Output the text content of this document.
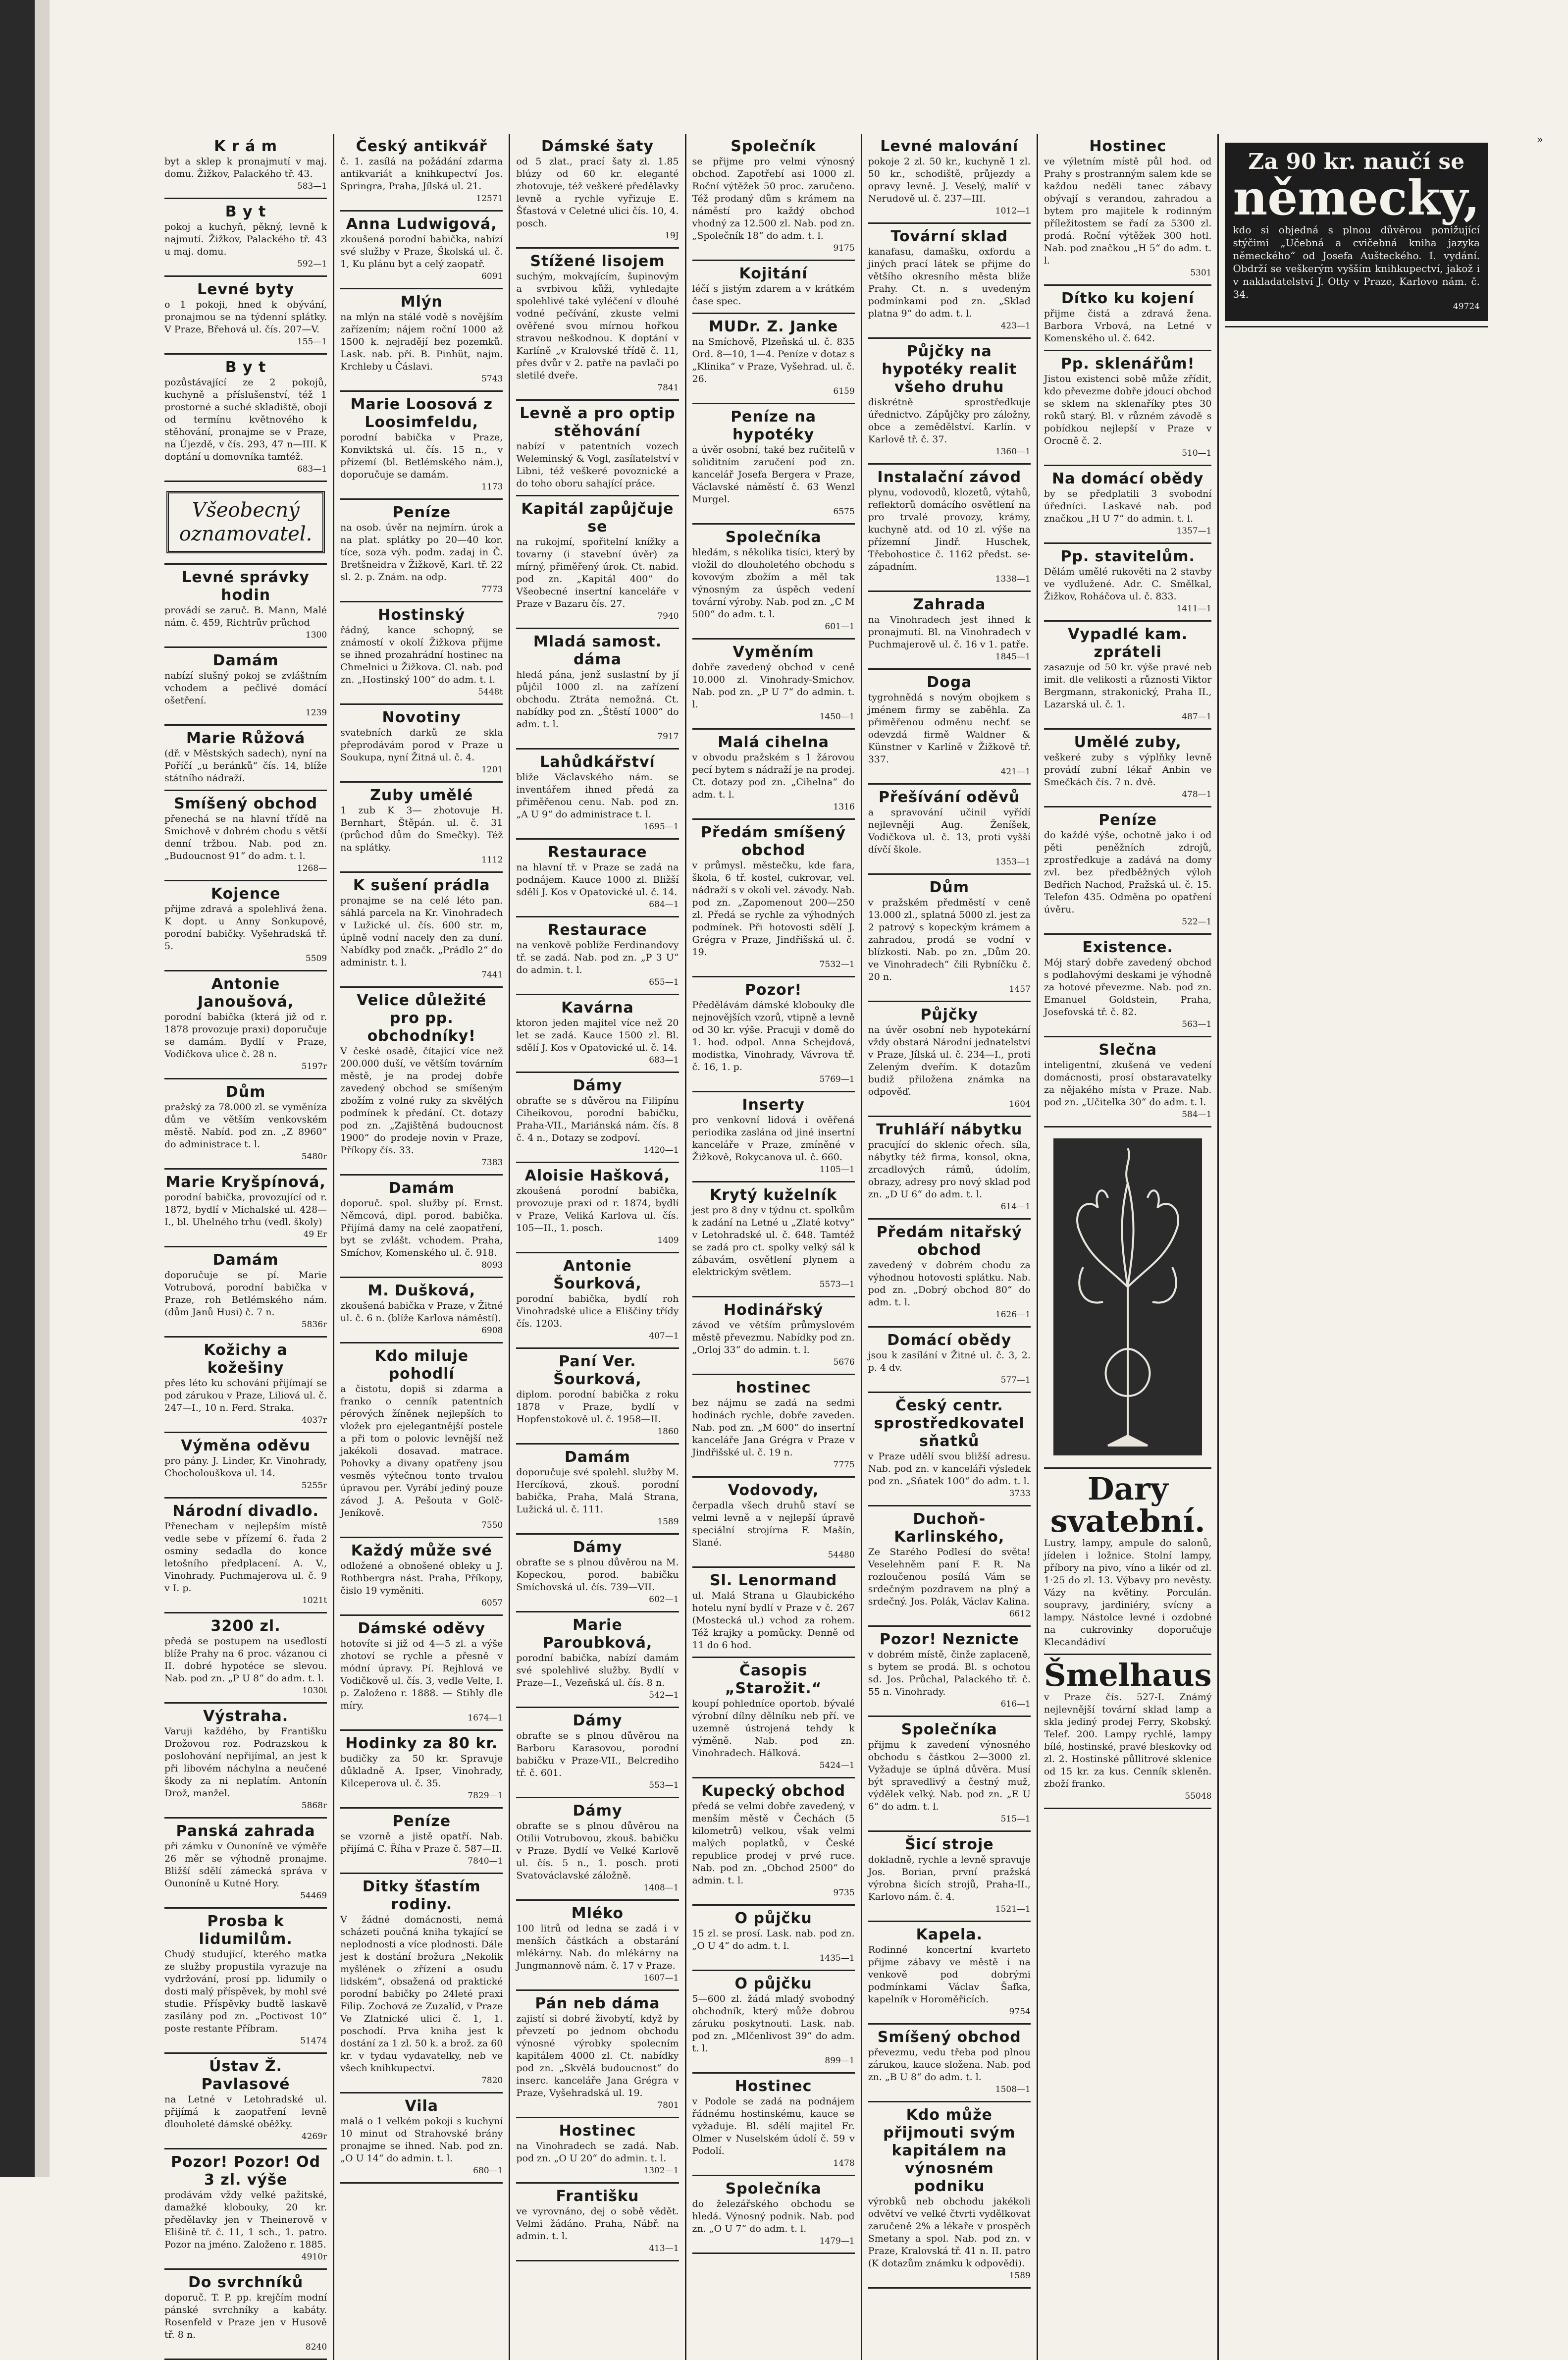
»
K r á m
byt a sklep k pronajmutí v maj. domu. Žižkov, Palackého tř. 43.
583—1
B y t
pokoj a kuchyň, pěkný, levně k najmutí. Žižkov, Palackého tř. 43 u maj. domu.
592—1
Levné byty
o 1 pokoji, hned k obývání, pronajmou se na týdenní splátky. V Praze, Břehová ul. čís. 207—V.
155—1
B y t
pozůstávající ze 2 pokojů, kuchyně a příslušenství, též 1 prostorné a suché skladiště, obojí od termínu květnového k stěhování, pronajme se v Praze, na Újezdě, v čís. 293, 47 n—III. K doptání u domovníka tamtéž.
683—1
Všeobecný oznamovatel.
Levné správky hodin
provádí se zaruč. B. Mann, Malé nám. č. 459, Richtrův průchod
1300
Damám
nabízí slušný pokoj se zvláštním vchodem a pečlivé domácí ošetření.
1239
Marie Růžová
(dř. v Městských sadech), nyní na Poříčí „u beránků“ čís. 14, blíže státního nádraží.
Smíšený obchod
přenechá se na hlavní třídě na Smíchově v dobrém chodu s větší denní tržbou. Nab. pod zn. „Budoucnost 91“ do adm. t. l.
1268—
Kojence
přijme zdravá a spolehlivá žena. K dopt. u Anny Sonkupové, porodní babičky. Vyšehradská tř. 5.
5509
Antonie Janoušová,
porodní babička (která již od r. 1878 provozuje praxi) doporučuje se damám. Bydlí v Praze, Vodičkova ulice č. 28 n.
5197r
Dům
pražský za 78.000 zl. se vyměníza dům ve větším venkovském městě. Nabíd. pod zn. „Z 8960“ do administrace t. l.
5480r
Marie Kryšpínová,
porodní babička, provozující od r. 1872, bydlí v Michalské ul. 428—I., bl. Uhelného trhu (vedl. školy)
49 Er
Damám
doporučuje se pí. Marie Votrubová, porodní babička v Praze, roh Betlémského nám. (dům Janů Husi) č. 7 n.
5836r
Kožichy a kožešiny
přes léto ku schování přijímají se pod zárukou v Praze, Liliová ul. č. 247—I., 10 n. Ferd. Straka.
4037r
Výměna oděvu
pro pány. J. Linder, Kr. Vinohrady, Chocholouškova ul. 14.
5255r
Národní divadlo.
Přenecham v nejlepším místě vedle sebe v přízemí 6. řada 2 osminy sedadla do konce letošního předplacení. A. V., Vinohrady. Puchmajerova ul. č. 9 v I. p.
1021t
3200 zl.
předá se postupem na usedlostí blíže Prahy na 6 proc. vázanou ci II. dobré hypotéce se slevou. Nab. pod zn. „P U 8“ do adm. t. l.
1030t
Výstraha.
Varuji každého, by Františku Drožovou roz. Podrazskou k poslohování nepřijímal, an jest k při libovém náchylna a neučené škody za ni neplatím. Antonín Drož, manžel.
5868r
Panská zahrada
při zámku v Ounoníně ve výměře 26 měr se výhodně pronajme. Bližší sdělí zámecká správa v Ounoníně u Kutné Hory.
54469
Prosba k lidumilům.
Chudý studující, kterého matka ze služby propustila vyrazuje na vydržování, prosí pp. lidumily o dosti malý příspěvek, by mohl své studie. Příspěvky budtě laskavě zasílány pod zn. „Poctivost 10“ poste restante Příbram.
51474
Ústav Ž. Pavlasové
na Letné v Letohradské ul. přijímá k zaopatření levně dlouholeté dámské oběžky.
4269r
Pozor! Pozor! Od 3 zl. výše
prodávám vždy velké pažitské, damažké klobouky, 20 kr. předělavky jen v Theinerově v Elišině tř. č. 11, 1 sch., 1. patro. Pozor na jméno. Založeno r. 1885.
4910r
Do svrchníků
doporuč. T. P. pp. krejčím modní pánské svrchníky a kabáty. Rosenfeld v Praze jen v Husově tř. 8 n.
8240
Český antikvář
č. 1. zasílá na požádání zdarma antikvariát a knihkupectví Jos. Springra, Praha, Jílská ul. 21.
12571
Anna Ludwigová,
zkoušená porodní babička, nabízí své služby v Praze, Školská ul. č. 1, Ku plánu byt a celý zaopatř.
6091
Mlýn
na mlýn na stálé vodě s novějším zařízením; nájem roční 1000 až 1500 k. nejradějí bez pozemků. Lask. nab. pří. B. Pinhüt, najm. Krchleby u Čáslavi.
5743
Marie Loosová z Loosimfeldu,
porodní babička v Praze, Konviktská ul. čís. 15 n., v přízemí (bl. Betlémského nám.), doporučuje se damám.
1173
Peníze
na osob. úvěr na nejmírn. úrok a na plat. splátky po 20—40 kor. tíce, soza výh. podm. zadaj in Č. Bretšneidra v Žižkově, Karl. tř. 22 sl. 2. p. Znám. na odp.
7773
Hostinský
řádný, kance schopný, se známostí v okolí Žižkova přijme se ihned prozahrádní hostinec na Chmelnici u Žižkova. Cl. nab. pod zn. „Hostinský 100“ do adm. t. l.
5448t
Novotiny
svatebních darků ze skla přeprodávám porod v Praze u Soukupa, nyní Žitná ul. č. 4.
1201
Zuby umělé
1 zub K 3— zhotovuje H. Bernhart, Štěpán. ul. č. 31 (průchod dům do Smečky). Též na splátky.
1112
K sušení prádla
pronajme se na celé léto pan. sáhlá parcela na Kr. Vinohradech v Lužické ul. čís. 600 str. m, úplně vodní nacely den za duní. Nabídky pod značk. „Prádlo 2“ do administr. t. l.
7441
Velice důležité pro pp. obchodníky!
V české osadě, čítající více než 200.000 duší, ve větším továrním městě, je na prodej dobře zavedený obchod se smíšeným zbožím z volné ruky za skvělých podmínek k předání. Ct. dotazy pod zn. „Zajištěná budoucnost 1900“ do prodeje novin v Praze, Příkopy čís. 33.
7383
Damám
doporuč. spol. služby pí. Ernst. Němcová, dipl. porod. babička. Přijímá damy na celé zaopatření, byt se zvlášt. vchodem. Praha, Smíchov, Komenského ul. č. 918.
8093
M. Dušková,
zkoušená babička v Praze, v Žitné ul. č. 6 n. (blíže Karlova náměstí).
6908
Kdo miluje pohodlí
a čistotu, dopiš si zdarma a franko o cenník patentních pérových žíněnek nejlepších to vložek pro ejelegantnější postele a při tom o polovic levnější než jakékoli dosavad. matrace. Pohovky a divany opatřeny jsou vesměs výtečnou tonto trvalou úpravou per. Vyrábí jediný pouze závod J. A. Pešouta v Golč-Jeníkově.
7550
Každý může své
odložené a obnošené obleky u J. Rothbergra nást. Praha, Příkopy, čislo 19 vyměniti.
6057
Dámské oděvy
hotovíte si již od 4—5 zl. a výše zhotoví se rychle a přesně v módní úpravy. Pí. Rejhlová ve Vodičkově ul. čís. 3, vedle Velte, I. p. Založeno r. 1888. — Stihly dle míry.
1674—1
Hodinky za 80 kr.
budičky za 50 kr. Spravuje důkladně A. Ipser, Vinohrady, Kilceperova ul. č. 35.
7829—1
Peníze
se vzorně a jistě opatří. Nab. přijímá C. Říha v Praze č. 587—II.
7840—1
Ditky šťastím rodiny.
V žádné domácnosti, nemá scházeti poučná kniha tykající se neplodnosti a více plodnosti. Dále jest k dostání brožura „Nekolik myšlének o zřízení a osudu lidském“, obsažená od praktické porodní babičky po 24leté praxi Filip. Zochová ze Zuzalíd, v Praze Ve Zlatnické ulici č. 1, 1. poschodí. Prva kniha jest k dostání za 1 zl. 50 k. a brož. za 60 kr. v tydau vydavatelky, neb ve všech knihkupectví.
7820
Vila
malá o 1 velkém pokoji s kuchyní 10 minut od Strahovské brány pronajme se ihned. Nab. pod zn. „O U 14“ do admin. t. l.
680—1
Dámské šaty
od 5 zlat., prací šaty zl. 1.85 blúzy od 60 kr. eleganté zhotovuje, též veškeré předělavky levně a rychle vyřizuje E. Šťastová v Celetné ulici čís. 10, 4. posch.
19J
Stížené lisojem
suchým, mokvajícím, šupinovým a svrbivou kůži, vyhledajte spolehlivé také vyléčení v dlouhé vodné pečívání, zkuste velmi ověřené svou mírnou hořkou stravou neškodnou. K doptání v Karlíně „v Kralovské třídě č. 11, přes dvůr v 2. patře na pavlači po sletilé dveře.
7841
Levně a pro optip stěhování
nabízí v patentních vozech Weleminský & Vogl, zasílatelství v Libni, též veškeré povoznické a do toho oboru sahající práce.
Kapitál zapůjčuje se
na rukojmí, spořitelní knížky a tovarny (i stavební úvěr) za mírný, přiměřený úrok. Ct. nabid. pod zn. „Kapitál 400“ do Všeobecné insertní kanceláře v Praze v Bazaru čís. 27.
7940
Mladá samost. dáma
hledá pána, jenž suslastní by jí půjčil 1000 zl. na zařízení obchodu. Ztráta nemožná. Ct. nabídky pod zn. „Štěstí 1000“ do adm. t. l.
7917
Lahůdkářství
bliže Václavského nám. se inventářem ihned předá za přiměřenou cenu. Nab. pod zn. „A U 9“ do administrace t. l.
1695—1
Restaurace
na hlavní tř. v Praze se zadá na podnájem. Kauce 1000 zl. Bližší sdělí J. Kos v Opatovické ul. č. 14.
684—1
Restaurace
na venkově poblíže Ferdinandovy tř. se zadá. Nab. pod zn. „P 3 U“ do admin. t. l.
655—1
Kavárna
ktoron jeden majitel více než 20 let se zadá. Kauce 1500 zl. Bl. sdělí J. Kos v Opatovické ul. č. 14.
683—1
Dámy
obraťte se s důvěrou na Filipínu Ciheikovou, porodní babičku, Praha-VII., Mariánská nám. čís. 8 č. 4 n., Dotazy se zodpoví.
1420—1
Aloisie Hašková,
zkoušená porodní babička, provozuje praxi od r. 1874, bydlí v Praze, Veliká Karlova ul. čís. 105—II., 1. posch.
1409
Antonie Šourková,
porodní babička, bydlí roh Vinohradské ulice a Eliščiny třídy čís. 1203.
407—1
Paní Ver. Šourková,
diplom. porodní babička z roku 1878 v Praze, bydlí v Hopfenstokově ul. č. 1958—II.
1860
Damám
doporučuje své spolehl. služby M. Hercíková, zkouš. porodní babička, Praha, Malá Strana, Lužická ul. č. 111.
1589
Dámy
obraťte se s plnou důvěrou na M. Kopeckou, porod. babičku Smíchovská ul. čís. 739—VII.
602—1
Marie Paroubková,
porodní babička, nabízí damám své spolehlivé služby. Bydlí v Praze—I., Vezeňská ul. čís. 8 n.
542—1
Dámy
obraťte se s plnou důvěrou na Barboru Karasovou, porodní babičku v Praze-VII., Belcrediho tř. č. 601.
553—1
Dámy
obraťte se s plnou důvěrou na Otilii Votrubovou, zkouš. babičku v Praze. Bydlí ve Velké Karlově ul. čís. 5 n., 1. posch. proti Svatováclavské záložně.
1408—1
Mléko
100 litrů od ledna se zadá i v menších částkách a obstarání mlékárny. Nab. do mlékárny na Jungmannově nám. č. 17 v Praze.
1607—1
Pán neb dáma
zajistí si dobré živobytí, když by převzetí po jednom obchodu výnosné výrobky spolecním kapitálem 4000 zl. Ct. nabídky pod zn. „Skvělá budoucnost“ do inserc. kanceláře Jana Grégra v Praze, Vyšehradská ul. 19.
7801
Hostinec
na Vinohradech se zadá. Nab. pod zn. „O U 20“ do admin. t. l.
1302—1
Františku
ve vyrovnáno, dej o sobě vědět. Velmi žádáno. Praha, Nábř. na admin. t. l.
413—1
Společník
se přijme pro velmi výnosný obchod. Zapotřebí asi 1000 zl. Roční výtěžek 50 proc. zaručeno. Též prodaný dům s krámem na náměstí pro každý obchod vhodný za 12.500 zl. Nab. pod zn. „Společník 18“ do adm. t. l.
9175
Kojitání
léčí s jistým zdarem a v krátkém čase spec.
MUDr. Z. Janke
na Smíchově, Plzeňská ul. č. 835 Ord. 8—10, 1—4. Peníze v dotaz s „Klinika“ v Praze, Vyšehrad. ul. č. 26.
6159
Peníze na hypotéky
a úvěr osobní, také bez ručitelů v soliditním zaručení pod zn. kancelář Josefa Bergera v Praze, Václavské náměstí č. 63 Wenzl Murgel.
6575
Společníka
hledám, s několika tisíci, který by vložil do dlouholetého obchodu s kovovým zbožím a měl tak výnosným za úspěch vedení tovární výroby. Nab. pod zn. „C M 500“ do adm. t. l.
601—1
Vyměním
dobře zavedený obchod v ceně 10.000 zl. Vinohrady-Smichov. Nab. pod zn. „P U 7“ do admin. t. l.
1450—1
Malá cihelna
v obvodu pražském s 1 žárovou pecí bytem s nádraží je na prodej. Ct. dotazy pod zn. „Cihelna“ do adm. t. l.
1316
Předám smíšený obchod
v průmysl. městečku, kde fara, škola, 6 tř. kostel, cukrovar, vel. nádraží s v okolí vel. závody. Nab. pod zn. „Zapomenout 200—250 zl. Předá se rychle za výhodných podmínek. Při hotovosti sdělí J. Grégra v Praze, Jindřišská ul. č. 19.
7532—1
Pozor!
Předělávám dámské klobouky dle nejnovějších vzorů, vtipně a levně od 30 kr. výše. Pracuji v domě do 1. hod. odpol. Anna Schejdová, modistka, Vinohrady, Vávrova tř. č. 16, 1. p.
5769—1
Inserty
pro venkovní lidová i ověřená periodika zaslána od jiné insertní kanceláře v Praze, zmíněné v Žižkově, Rokycanova ul. č. 660.
1105—1
Krytý kuželník
jest pro 8 dny v týdnu ct. spolkům k zadání na Letné u „Zlaté kotvy“ v Letohradské ul. č. 648. Tamtéž se zadá pro ct. spolky velký sál k zábavám, osvětlení plynem a elektrickým světlem.
5573—1
Hodinářský
závod ve větším průmyslovém městě převezmu. Nabídky pod zn. „Orloj 33“ do admin. t. l.
5676
hostinec
bez nájmu se zadá na sedmi hodinách rychle, dobře zaveden. Nab. pod zn. „M 600“ do insertní kanceláře Jana Grégra v Praze v Jindřišské ul. č. 19 n.
7775
Vodovody,
čerpadla všech druhů staví se velmi levně a v nejlepší úpravě speciální strojírna F. Mašín, Slané.
54480
Sl. Lenormand
ul. Malá Strana u Glaubického hotelu nyní bydlí v Praze v č. 267 (Mostecká ul.) vchod za rohem. Též krajky a pomůcky. Denně od 11 do 6 hod.
Časopis „Starožit.“
koupí pohledníce oportob. bývalé výrobní dílny dělníku neb pří. ve uzemně ústrojená tehdy k výměně. Nab. pod zn. Vinohradech. Hálková.
5424—1
Kupecký obchod
předá se velmi dobře zavedený, v menším městě v Čechách (5 kilometrů) velkou, však velmi malých poplatků, v České republice prodej v prvé ruce. Nab. pod zn. „Obchod 2500“ do admin. t. l.
9735
O půjčku
15 zl. se prosí. Lask. nab. pod zn. „O U 4“ do adm. t. l.
1435—1
O půjčku
5—600 zl. žádá mladý svobodný obchodník, který může dobrou záruku poskytnouti. Lask. nab. pod zn. „Mlčenlivost 39“ do adm. t. l.
899—1
Hostinec
v Podole se zadá na podnájem řádnému hostinskému, kauce se vyžaduje. Bl. sdělí majitel Fr. Olmer v Nuselském údolí č. 59 v Podolí.
1478
Společníka
do železářského obchodu se hledá. Výnosný podnik. Nab. pod zn. „O U 7“ do adm. t. l.
1479—1
Levné malování
pokoje 2 zl. 50 kr., kuchyně 1 zl. 50 kr., schodiště, průjezdy a opravy levně. J. Veselý, malíř v Nerudově ul. č. 237—III.
1012—1
Tovární sklad
kanafasu, damašku, oxfordu a jiných prací látek se přijme do většího okresního města bliže Prahy. Ct. n. s uvedeným podmínkami pod zn. „Sklad platna 9“ do adm. t. l.
423—1
Půjčky na hypotéky realit všeho druhu
diskrétně sprostředkuje úřednictvo. Zápůjčky pro záložny, obce a zemědělství. Karlín. v Karlově tř. č. 37.
1360—1
Instalační závod
plynu, vodovodů, klozetů, výtahů, reflektorů domácího osvětlení na pro trvalé provozy, krámy, kuchyně atd. od 10 zl. výše na přízemní Jindř. Huschek, Třebohostice č. 1162 předst. se-západním.
1338—1
Zahrada
na Vinohradech jest ihned k pronajmutí. Bl. na Vinohradech v Puchmajerově ul. č. 16 v 1. patře.
1845—1
Doga
tygrohnědá s novým obojkem s jménem firmy se zaběhla. Za přiměřenou odměnu nechť se odevzdá firmě Waldner & Künstner v Karlíně v Žižkově tř. 337.
421—1
Přešívání oděvů
a spravování učinil vyřídí nejlevněji Aug. Ženíšek, Vodičkova ul. č. 13, proti vyšší dívčí škole.
1353—1
Dům
v pražském předměstí v ceně 13.000 zl., splatná 5000 zl. jest za 2 patrový s kopeckým krámem a zahradou, prodá se vodní v blízkosti. Nab. po zn. „Dům 20. ve Vinohradech“ čili Rybníčku č. 20 n.
1457
Půjčky
na úvěr osobní neb hypotekární vždy obstará Národní jednatelství v Praze, Jílská ul. č. 234—I., proti Zeleným dveřím. K dotazům budiž přiložena známka na odpověď.
1604
Truhláří nábytku
pracující do sklenic ořech. síla, nábytky též firma, konsol, okna, zrcadlových rámů, údolím, obrazy, adresy pro nový sklad pod zn. „D U 6“ do adm. t. l.
614—1
Předám nitařský obchod
zavedený v dobrém chodu za výhodnou hotovosti splátku. Nab. pod zn. „Dobrý obchod 80“ do adm. t. l.
1626—1
Domácí obědy
jsou k zasílání v Žitné ul. č. 3, 2. p. 4 dv.
577—1
Český centr. sprostředkovatel sňatků
v Praze udělí svou bližší adresu. Nab. pod zn. v kanceláři výsledek pod zn. „Sňatek 100“ do adm. t. l.
3733
Duchoň-Karlinského,
Ze Starého Podlesí do světa! Veselehněm paní F. R. Na rozloučenou posílá Vám se srdečným pozdravem na plný a srdečný. Jos. Polák, Václav Kalina.
6612
Pozor! Neznicte
v dobrém místě, činže zaplaceně, s bytem se prodá. Bl. s ochotou sd. Jos. Průchal, Palackého tř. č. 55 n. Vinohrady.
616—1
Společníka
přijmu k zavedení výnosného obchodu s částkou 2—3000 zl. Vyžaduje se úplná důvěra. Musí být spravedlivý a čestný muž, výdělek velký. Nab. pod zn. „E U 6“ do adm. t. l.
515—1
Šicí stroje
dokladně, rychle a levně spravuje Jos. Borian, první pražská výrobna šicích strojů, Praha-II., Karlovo nám. č. 4.
1521—1
Kapela.
Rodinné koncertní kvarteto přijme zábavy ve městě i na venkově pod dobrými podmínkami Václav Šafka, kapelník v Horoměřicích.
9754
Smíšený obchod
převezmu, vedu třeba pod plnou zárukou, kauce složena. Nab. pod zn. „B U 8“ do adm. t. l.
1508—1
Kdo může přijmouti svým kapitálem na výnosném podniku
výrobků neb obchodu jakékoli odvětví ve velké čtvrti vydělkovat zaručeně 2% a lékaře v prospěch Smetany a spol. Nab. pod zn. v Praze, Kralovská tř. 41 n. II. patro (K dotazům známku k odpovědi).
1589
Hostinec
ve výletním místě půl hod. od Prahy s prostranným salem kde se každou neděli tanec zábavy obývají s verandou, zahradou a bytem pro majitele k rodinným příležitostem se řadí za 5300 zl. prodá. Roční výtěžek 300 hotl. Nab. pod značkou „H 5“ do adm. t. l.
5301
Dítko ku kojení
přijme čistá a zdravá žena. Barbora Vrbová, na Letné v Komenského ul. č. 642.
Pp. sklenářům!
Jistou existenci sobě může zřídit, kdo převezme dobře jdoucí obchod se sklem na sklenaříky ptes 30 roků starý. Bl. v různém závodě s pobídkou nejlepší v Praze v Orocně č. 2.
510—1
Na domácí obědy
by se předplatili 3 svobodní úředníci. Laskavé nab. pod značkou „H U 7“ do admin. t. l.
1357—1
Pp. stavitelům.
Dělám umělé rukověti na 2 stavby ve vydlužené. Adr. C. Smělkal, Žižkov, Roháčova ul. č. 833.
1411—1
Vypadlé kam. zpráteli
zasazuje od 50 kr. výše pravé neb imit. dle velikosti a různosti Viktor Bergmann, strakonický, Praha II., Lazarská ul. č. 1.
487—1
Umělé zuby,
veškeré zuby s výplňky levně provádí zubní lékař Anbin ve Smečkách čís. 7 n. dvě.
478—1
Peníze
do každé výše, ochotně jako i od pěti peněžních zdrojů, zprostředkuje a zadává na domy zvl. bez předběžných výloh Bedřich Nachod, Pražská ul. č. 15. Telefon 435. Odměna po opatření úvěru.
522—1
Existence.
Mój starý dobře zavedený obchod s podlahovými deskami je výhodně za hotové převezme. Nab. pod zn. Emanuel Goldstein, Praha, Josefovská tř. č. 82.
563—1
Slečna
inteligentní, zkušená ve vedení domácnosti, prosí obstaravatelky za nějakého místa v Praze. Nab. pod zn. „Učitelka 30“ do adm. t. l.
584—1
Dary svatební.
Lustry, lampy, ampule do salonů, jídelen i ložnice. Stolní lampy, příbory na pivo, víno a likér od zl. 1·25 do zl. 13. Výbavy pro nevěsty. Vázy na květiny. Porculán. soupravy, jardiniéry, svícny a lampy. Nástolce levné i ozdobné na cukrovinky doporučuje Klecandádiví
Šmelhaus
v Praze čís. 527-I. Známý nejlevnější tovární sklad lamp a skla jediný prodej Ferry, Skobský. Telef. 200. Lampy rychlé, lampy bílé, hostinské, pravé bleskovky od zl. 2. Hostinské půllitrové sklenice od 15 kr. za kus. Cenník skleněn. zboží franko.
55048
Za 90 kr. naučí se
německy,
kdo si objedná s plnou důvěrou ponižující stýčimi „Učebná a cvičebná kniha jazyka německého“ od Josefa Aušteckého. I. vydání. Obdrží se veškerým vyšším knihkupectví, jakož i v nakladatelství J. Otty v Praze, Karlovo nám. č. 34.
49724
